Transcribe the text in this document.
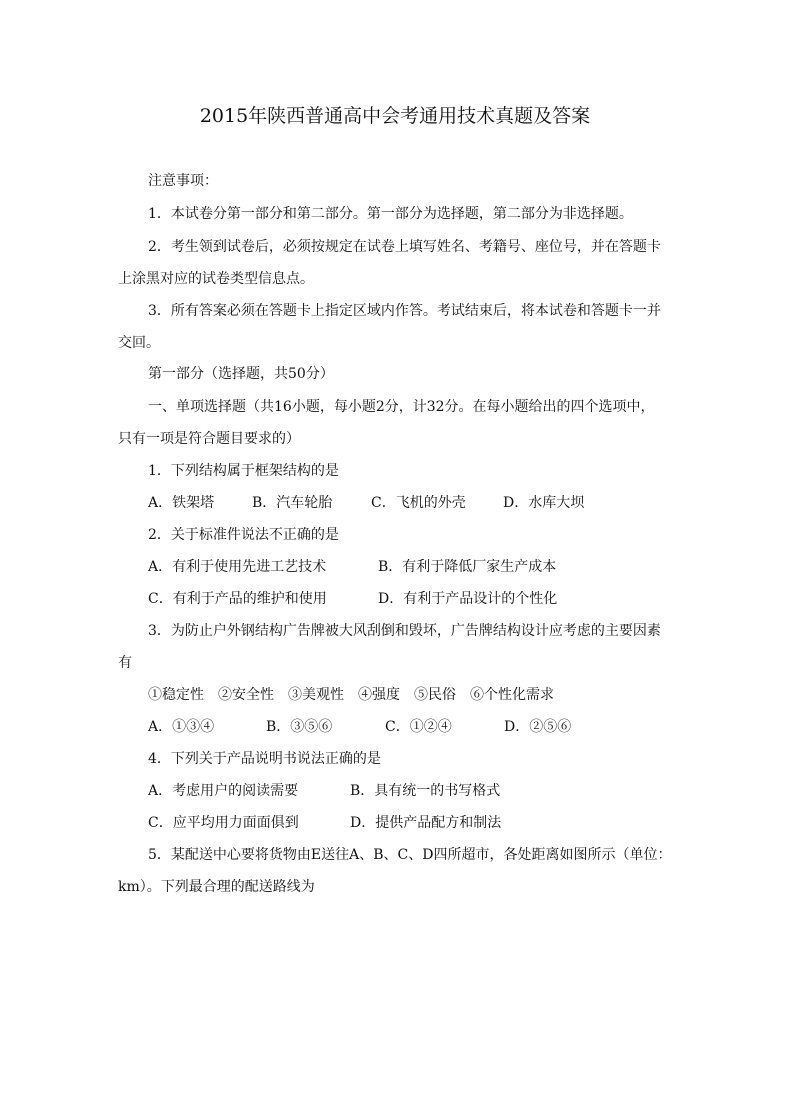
2015年陕西普通高中会考通用技术真题及答案
注意事项：
1．本试卷分第一部分和第二部分。第一部分为选择题，第二部分为非选择题。
2．考生领到试卷后，必须按规定在试卷上填写姓名、考籍号、座位号，并在答题卡
上涂黑对应的试卷类型信息点。
3．所有答案必须在答题卡上指定区域内作答。考试结束后，将本试卷和答题卡一并
交回。
第一部分（选择题，共50分）
一、单项选择题（共16小题，每小题2分，计32分。在每小题给出的四个选项中，
只有一项是符合题目要求的）
1．下列结构属于框架结构的是
A．铁架塔	B．汽车轮胎	C．飞机的外壳	D．水库大坝
2．关于标准件说法不正确的是
A．有利于使用先进工艺技术	B．有利于降低厂家生产成本
C．有利于产品的维护和使用	D．有利于产品设计的个性化
3．为防止户外钢结构广告牌被大风刮倒和毁坏，广告牌结构设计应考虑的主要因素
有
①稳定性　②安全性　③美观性　④强度　⑤民俗　⑥个性化需求
A．①③④	B．③⑤⑥	C．①②④	D．②⑤⑥
4．下列关于产品说明书说法正确的是
A．考虑用户的阅读需要	B．具有统一的书写格式
C．应平均用力面面俱到	D．提供产品配方和制法
5．某配送中心要将货物由E送往A、B、C、D四所超市，各处距离如图所示（单位：
km）。下列最合理的配送路线为
